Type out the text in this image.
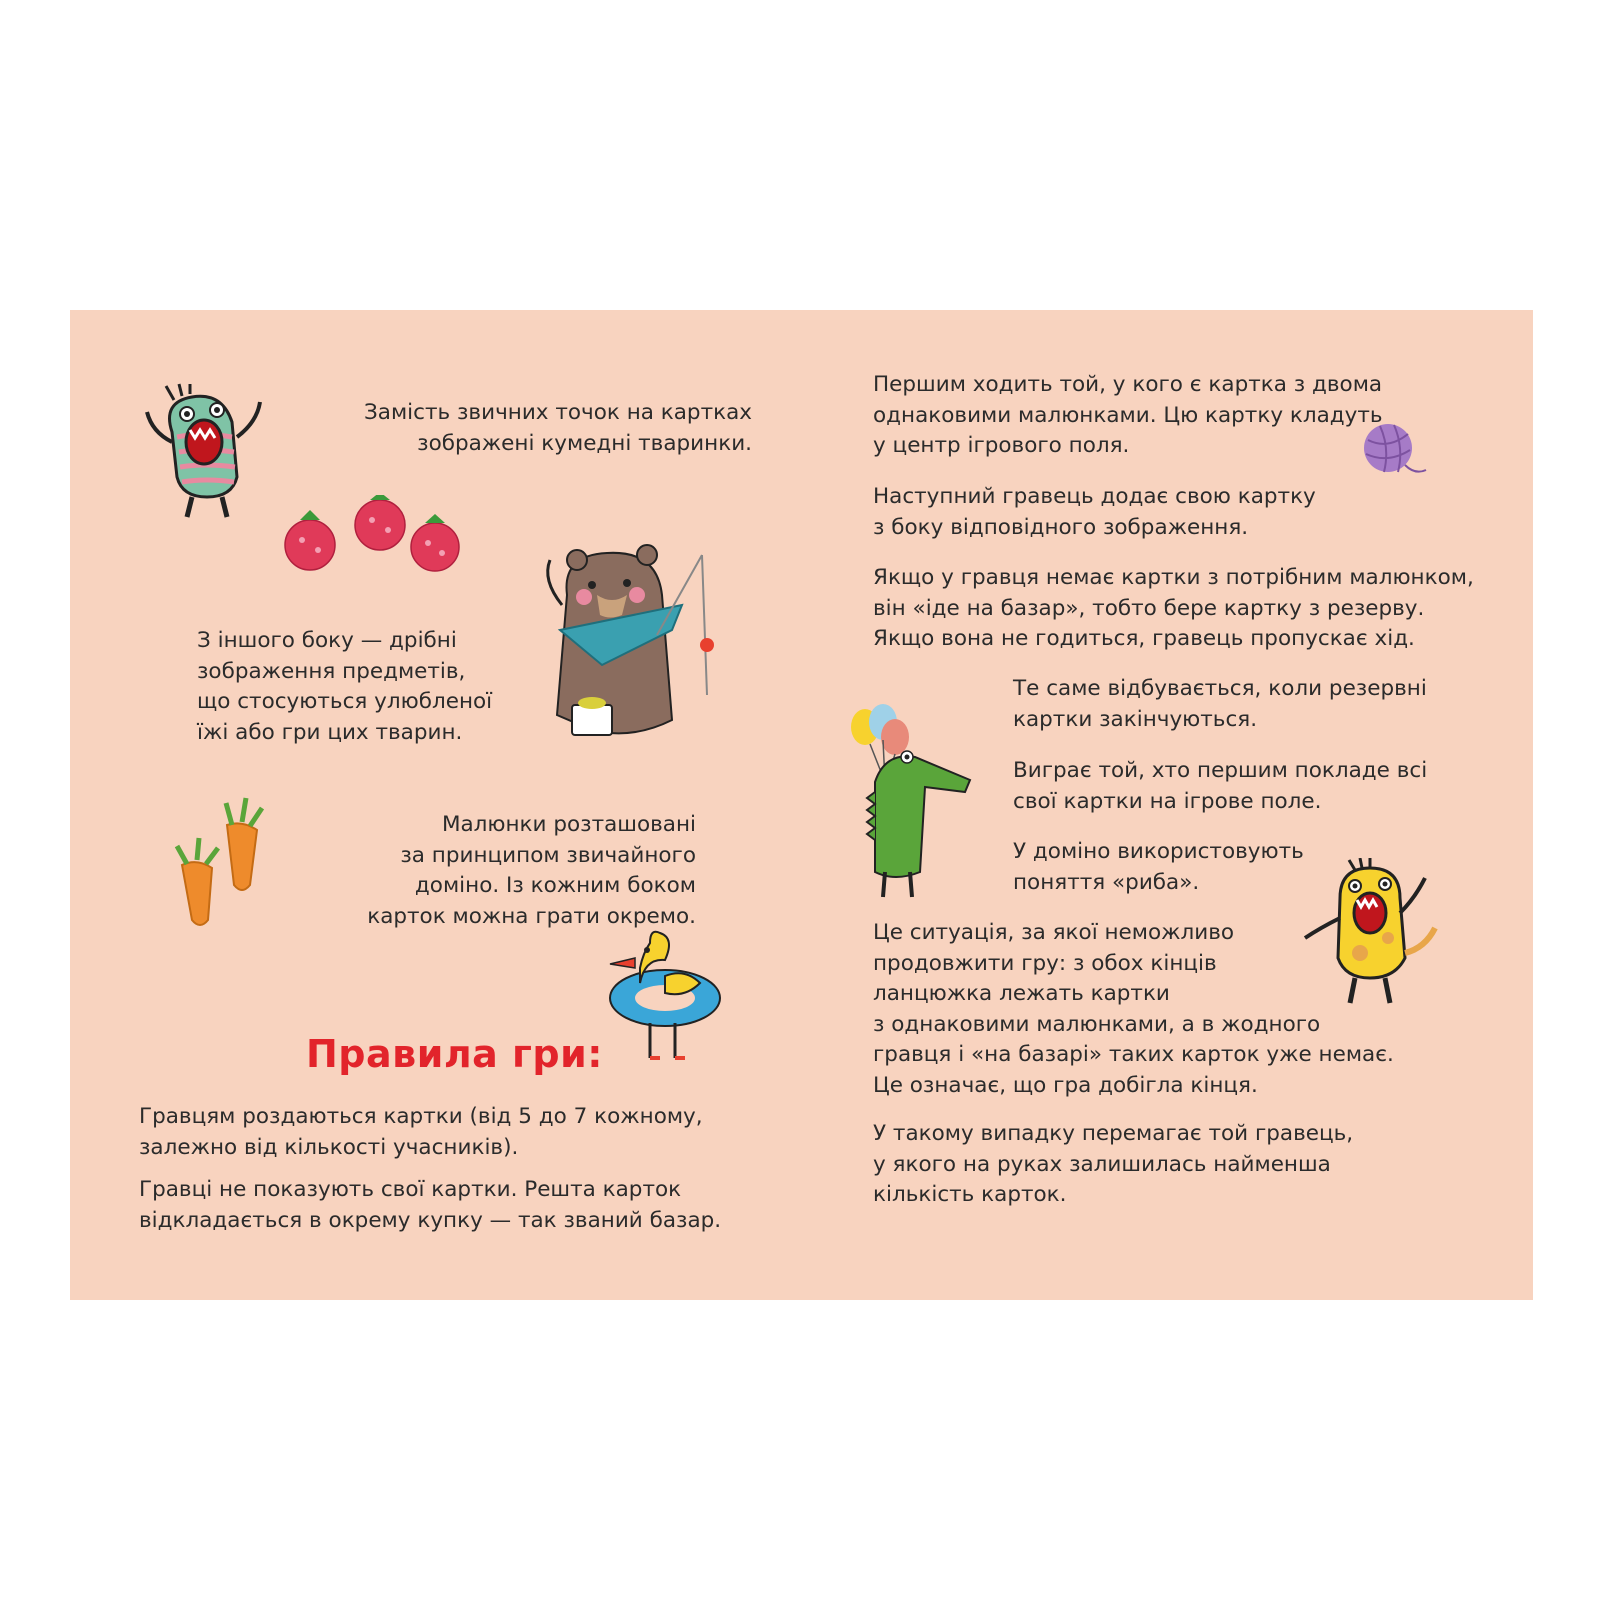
Замість звичних точок на картках
зображені кумедні тваринки.

З іншого боку — дрібні
зображення предметів,
що стосуються улюбленої
їжі або гри цих тварин.

Малюнки розташовані
за принципом звичайного
доміно. Із кожним боком
карток можна грати окремо.

Правила гри:

Гравцям роздаються картки (від 5 до 7 кожному,
залежно від кількості учасників).

Гравці не показують свої картки. Решта карток
відкладається в окрему купку — так званий базар.

Першим ходить той, у кого є картка з двома
однаковими малюнками. Цю картку кладуть
у центр ігрового поля.

Наступний гравець додає свою картку
з боку відповідного зображення.

Якщо у гравця немає картки з потрібним малюнком,
він «іде на базар», тобто бере картку з резерву.
Якщо вона не годиться, гравець пропускає хід.

Те саме відбувається, коли резервні
картки закінчуються.

Виграє той, хто першим покладе всі
свої картки на ігрове поле.

У доміно використовують
поняття «риба».

Це ситуація, за якої неможливо
продовжити гру: з обох кінців
ланцюжка лежать картки
з однаковими малюнками, а в жодного
гравця і «на базарі» таких карток уже немає.
Це означає, що гра добігла кінця.

У такому випадку перемагає той гравець,
у якого на руках залишилась найменша
кількість карток.
